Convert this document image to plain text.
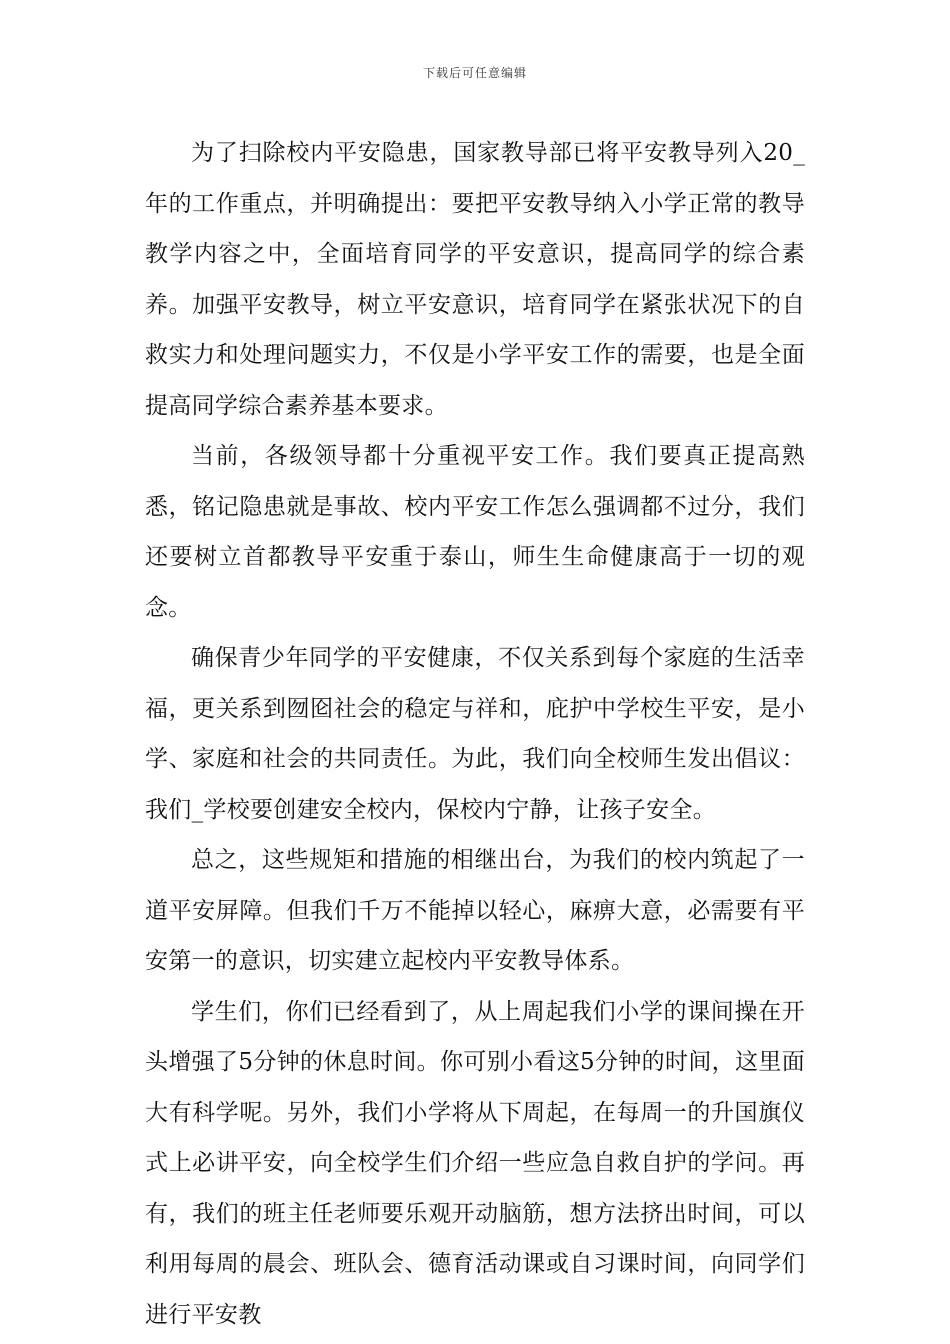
下载后可任意编辑

为了扫除校内平安隐患，国家教导部已将平安教导列入20_年的工作重点，并明确提出：要把平安教导纳入小学正常的教导教学内容之中，全面培育同学的平安意识，提高同学的综合素养。加强平安教导，树立平安意识，培育同学在紧张状况下的自救实力和处理问题实力，不仅是小学平安工作的需要，也是全面提高同学综合素养基本要求。

当前，各级领导都十分重视平安工作。我们要真正提高熟悉，铭记隐患就是事故、校内平安工作怎么强调都不过分，我们还要树立首都教导平安重于泰山，师生生命健康高于一切的观念。

确保青少年同学的平安健康，不仅关系到每个家庭的生活幸福，更关系到囫囵社会的稳定与祥和，庇护中学校生平安，是小学、家庭和社会的共同责任。为此，我们向全校师生发出倡议：我们_学校要创建安全校内，保校内宁静，让孩子安全。

总之，这些规矩和措施的相继出台，为我们的校内筑起了一道平安屏障。但我们千万不能掉以轻心，麻痹大意，必需要有平安第一的意识，切实建立起校内平安教导体系。

学生们，你们已经看到了，从上周起我们小学的课间操在开头增强了5分钟的休息时间。你可别小看这5分钟的时间，这里面大有科学呢。另外，我们小学将从下周起，在每周一的升国旗仪式上必讲平安，向全校学生们介绍一些应急自救自护的学问。再有，我们的班主任老师要乐观开动脑筋，想方法挤出时间，可以利用每周的晨会、班队会、德育活动课或自习课时间，向同学们进行平安教
